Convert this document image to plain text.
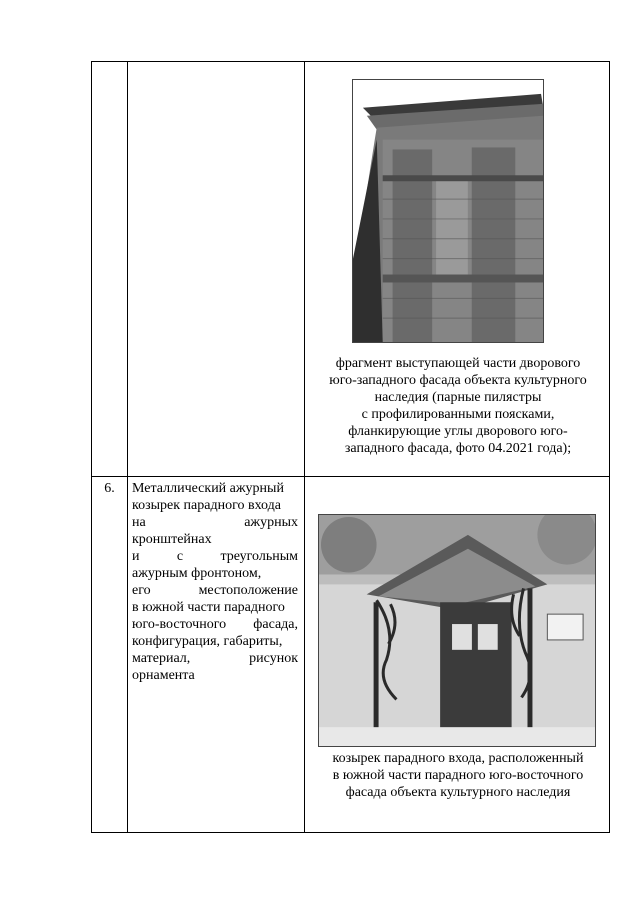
фрагмент выступающей части дворового
юго-западного фасада объекта культурного
наследия (парные пилястры
с профилированными поясками,
фланкирующие углы дворового юго-
западного фасада, фото 04.2021 года);
6.	Металлический ажурный
козырек парадного входа
на ажурных
кронштейнах
и с треугольным
ажурным фронтоном,
его местоположение
в южной части парадного
юго-восточного фасада,
конфигурация, габариты,
материал, рисунок
орнамента
козырек парадного входа, расположенный
в южной части парадного юго-восточного
фасада объекта культурного наследия
